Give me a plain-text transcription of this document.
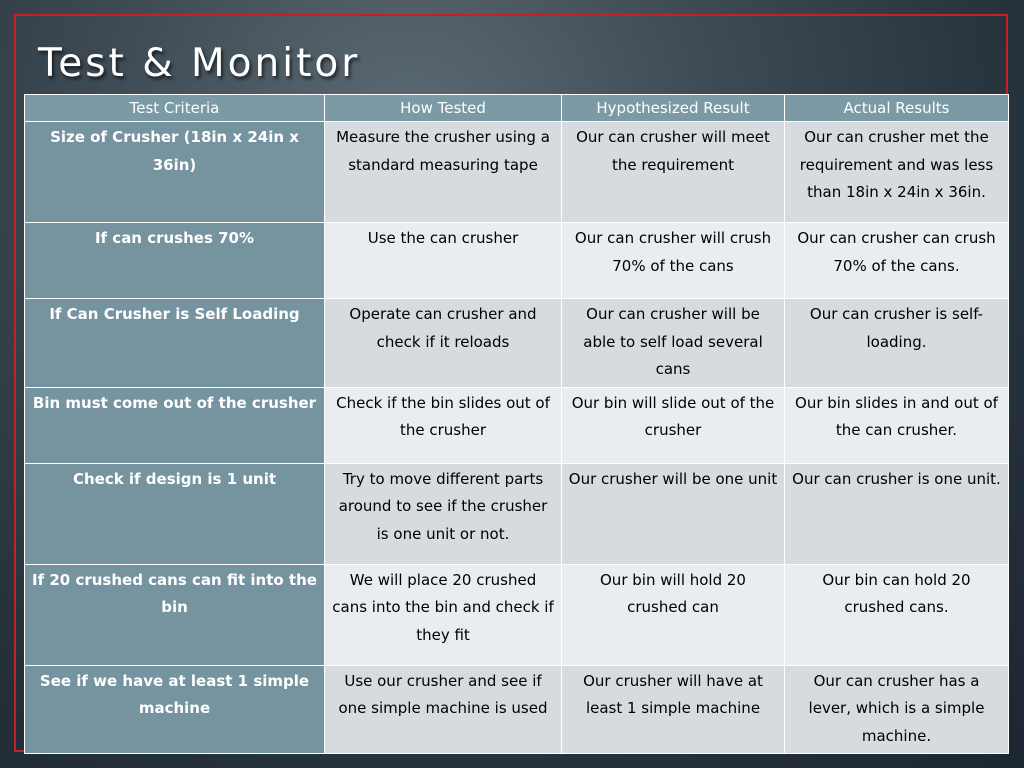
Test & Monitor
Test Criteria	How Tested	Hypothesized Result	Actual Results
Size of Crusher (18in x 24in x 36in)	Measure the crusher using a standard measuring tape	Our can crusher will meet the requirement	Our can crusher met the requirement and was less than 18in x 24in x 36in.
If can crushes 70%	Use the can crusher	Our can crusher will crush 70% of the cans	Our can crusher can crush 70% of the cans.
If Can Crusher is Self Loading	Operate can crusher and check if it reloads	Our can crusher will be able to self load several cans	Our can crusher is self-loading.
Bin must come out of the crusher	Check if the bin slides out of the crusher	Our bin will slide out of the crusher	Our bin slides in and out of the can crusher.
Check if design is 1 unit	Try to move different parts around to see if the crusher is one unit or not.	Our crusher will be one unit	Our can crusher is one unit.
If 20 crushed cans can fit into the bin	We will place 20 crushed cans into the bin and check if they fit	Our bin will hold 20 crushed can	Our bin can hold 20 crushed cans.
See if we have at least 1 simple machine	Use our crusher and see if one simple machine is used	Our crusher will have at least 1 simple machine	Our can crusher has a lever, which is a simple machine.
